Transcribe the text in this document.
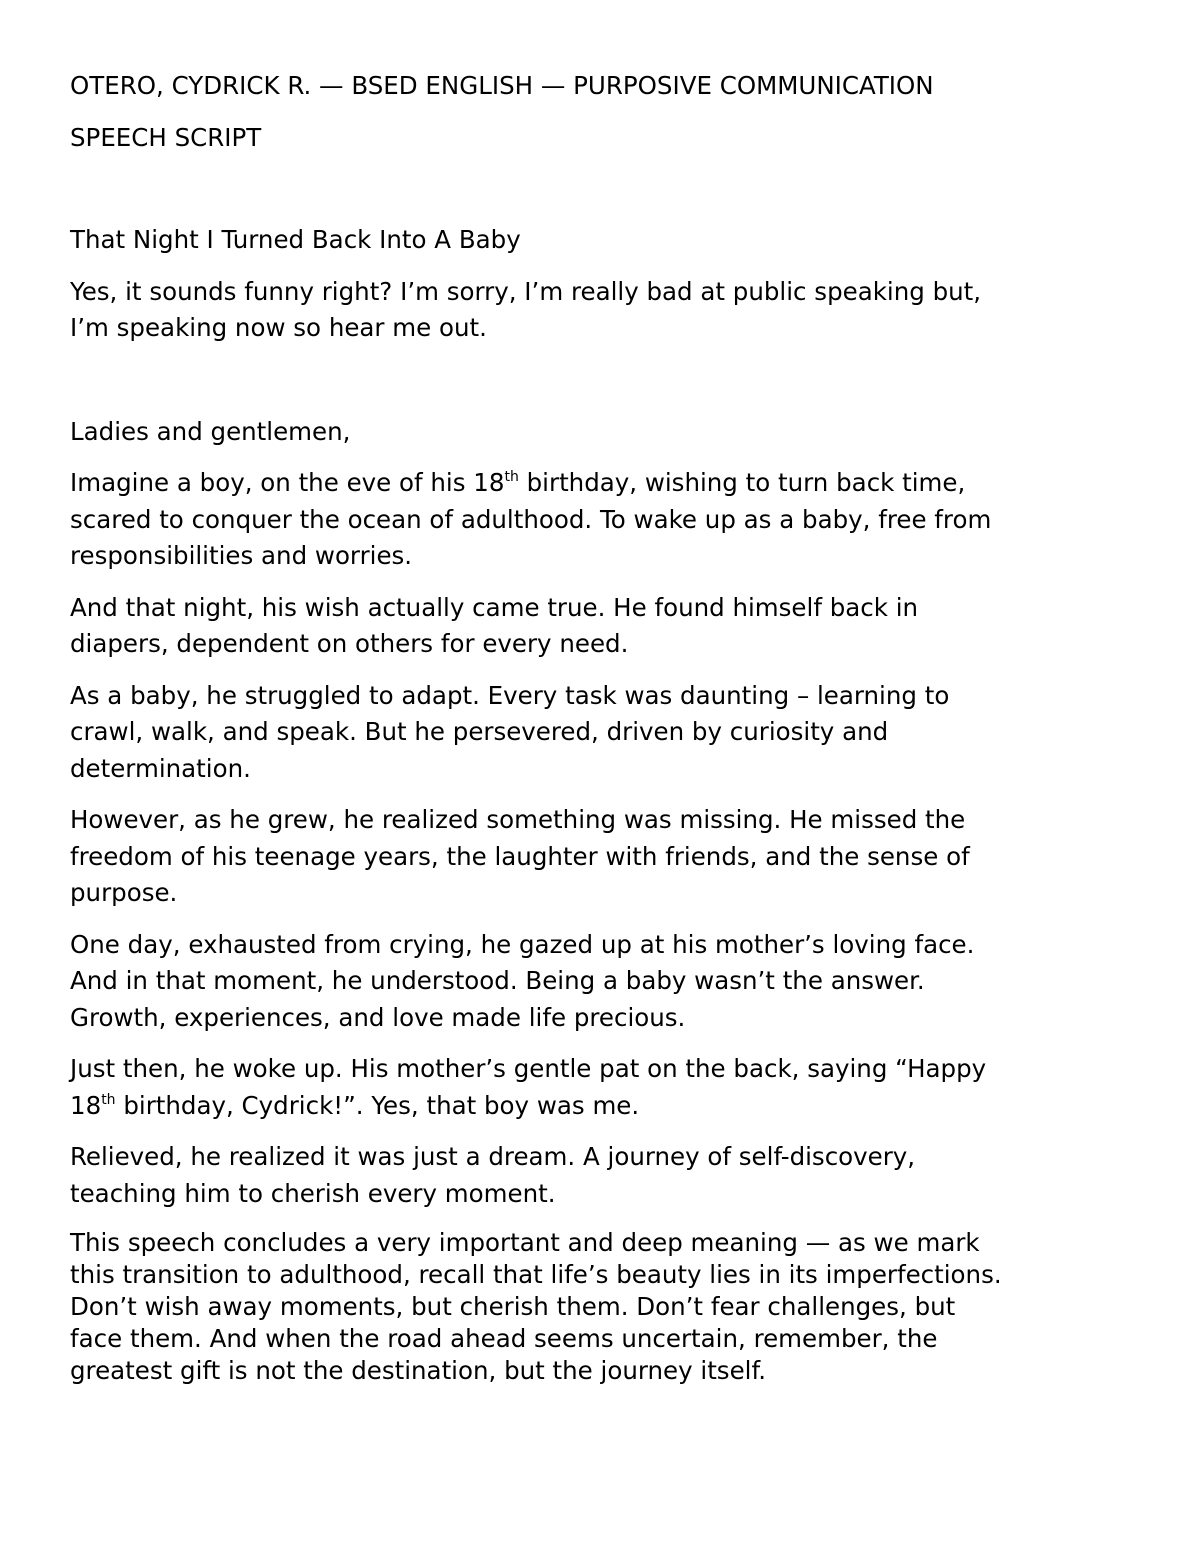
OTERO, CYDRICK R. — BSED ENGLISH — PURPOSIVE COMMUNICATION

SPEECH SCRIPT

That Night I Turned Back Into A Baby

Yes, it sounds funny right? I’m sorry, I’m really bad at public speaking but,
I’m speaking now so hear me out.

Ladies and gentlemen,

Imagine a boy, on the eve of his 18th birthday, wishing to turn back time,
scared to conquer the ocean of adulthood. To wake up as a baby, free from
responsibilities and worries.

And that night, his wish actually came true. He found himself back in
diapers, dependent on others for every need.

As a baby, he struggled to adapt. Every task was daunting – learning to
crawl, walk, and speak. But he persevered, driven by curiosity and
determination.

However, as he grew, he realized something was missing. He missed the
freedom of his teenage years, the laughter with friends, and the sense of
purpose.

One day, exhausted from crying, he gazed up at his mother’s loving face.
And in that moment, he understood. Being a baby wasn’t the answer.
Growth, experiences, and love made life precious.

Just then, he woke up. His mother’s gentle pat on the back, saying “Happy
18th birthday, Cydrick!”. Yes, that boy was me.

Relieved, he realized it was just a dream. A journey of self-discovery,
teaching him to cherish every moment.

This speech concludes a very important and deep meaning — as we mark
this transition to adulthood, recall that life’s beauty lies in its imperfections.
Don’t wish away moments, but cherish them. Don’t fear challenges, but
face them. And when the road ahead seems uncertain, remember, the
greatest gift is not the destination, but the journey itself.
